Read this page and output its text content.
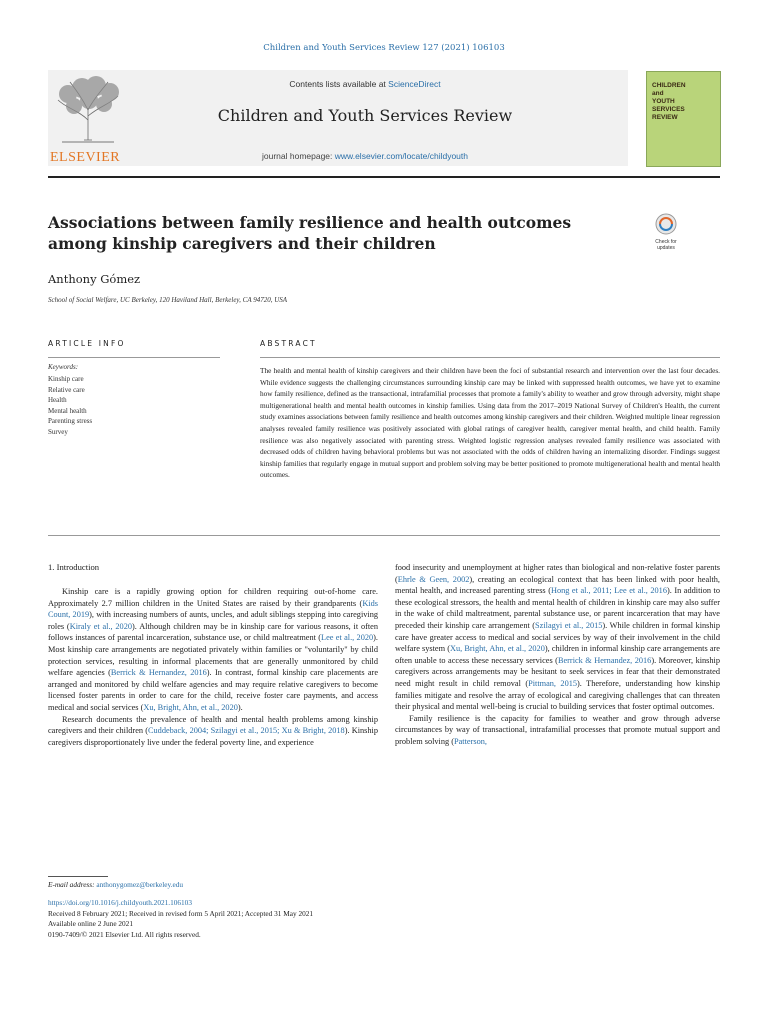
Children and Youth Services Review 127 (2021) 106103
ELSEVIER
Contents lists available at ScienceDirect
Children and Youth Services Review
journal homepage: www.elsevier.com/locate/childyouth
CHILDREN
and
YOUTH
SERVICES
REVIEW
Associations between family resilience and health outcomes among kinship caregivers and their children	Check for updates
Anthony Gómez
School of Social Welfare, UC Berkeley, 120 Haviland Hall, Berkeley, CA 94720, USA
ARTICLE INFO
Keywords:
Kinship care
Relative care
Health
Mental health
Parenting stress
Survey
ABSTRACT
The health and mental health of kinship caregivers and their children have been the foci of substantial research and intervention over the last four decades. While evidence suggests the challenging circumstances surrounding kinship care may be linked with suppressed health outcomes, we have yet to examine how family resilience, defined as the transactional, intrafamilial processes that promote a family's ability to weather and grow through adversity, might shape multigenerational health and mental health outcomes in kinship families. Using data from the 2017–2019 National Survey of Children's Health, the current study examines associations between family resilience and health outcomes among kinship caregivers and their children. Weighted multiple linear regression analyses revealed family resilience was positively associated with global ratings of caregiver health, caregiver mental health, and child health. Family resilience was also negatively associated with parenting stress. Weighted logistic regression analyses revealed family resilience was associated with decreased odds of children having behavioral problems but was not associated with the odds of children having an internalizing disorder. Findings suggest kinship families that regularly engage in mutual support and problem solving may be better positioned to promote multigenerational health and mental health outcomes.
1. Introduction

Kinship care is a rapidly growing option for children requiring out-of-home care. Approximately 2.7 million children in the United States are raised by their grandparents (Kids Count, 2019), with increasing numbers of aunts, uncles, and adult siblings stepping into caregiving roles (Kiraly et al., 2020). Although children may be in kinship care for various reasons, it often follows instances of parental incarceration, substance use, or child maltreatment (Lee et al., 2020). Most kinship care arrangements are negotiated privately within families or "voluntarily" by child protection services, resulting in informal placements that are generally unmonitored by child welfare agencies (Berrick & Hernandez, 2016). In contrast, formal kinship care placements are arranged and monitored by child welfare agencies and may require relative caregivers to become licensed foster parents in order to care for the child, receive foster care payments, and access medical and social services (Xu, Bright, Ahn, et al., 2020).

Research documents the prevalence of health and mental health problems among kinship caregivers and their children (Cuddeback, 2004; Szilagyi et al., 2015; Xu & Bright, 2018). Kinship caregivers disproportionately live under the federal poverty line, and experience

food insecurity and unemployment at higher rates than biological and non-relative foster parents (Ehrle & Geen, 2002), creating an ecological context that has been linked with poor health, mental health, and increased parenting stress (Hong et al., 2011; Lee et al., 2016). In addition to these ecological stressors, the health and mental health of children in kinship care may also suffer in the wake of child maltreatment, parental substance use, or parent incarceration that may have preceded their kinship care arrangement (Szilagyi et al., 2015). While children in formal kinship care have greater access to medical and social services by way of their involvement in the child welfare system (Xu, Bright, Ahn, et al., 2020), children in informal kinship care arrangements are often unable to access these necessary services (Berrick & Hernandez, 2016). Moreover, kinship caregivers across arrangements may be hesitant to seek services in fear that their demonstrated need might result in child removal (Pittman, 2015). Therefore, understanding how kinship families mitigate and resolve the array of ecological and caregiving challenges that can threaten their physical and mental well-being is crucial to building services that foster optimal outcomes.

Family resilience is the capacity for families to weather and grow through adverse circumstances by way of transactional, intrafamilial processes that promote mutual support and problem solving (Patterson,

E-mail address: anthonygomez@berkeley.edu
https://doi.org/10.1016/j.childyouth.2021.106103
Received 8 February 2021; Received in revised form 5 April 2021; Accepted 31 May 2021
Available online 2 June 2021
0190-7409/© 2021 Elsevier Ltd. All rights reserved.
